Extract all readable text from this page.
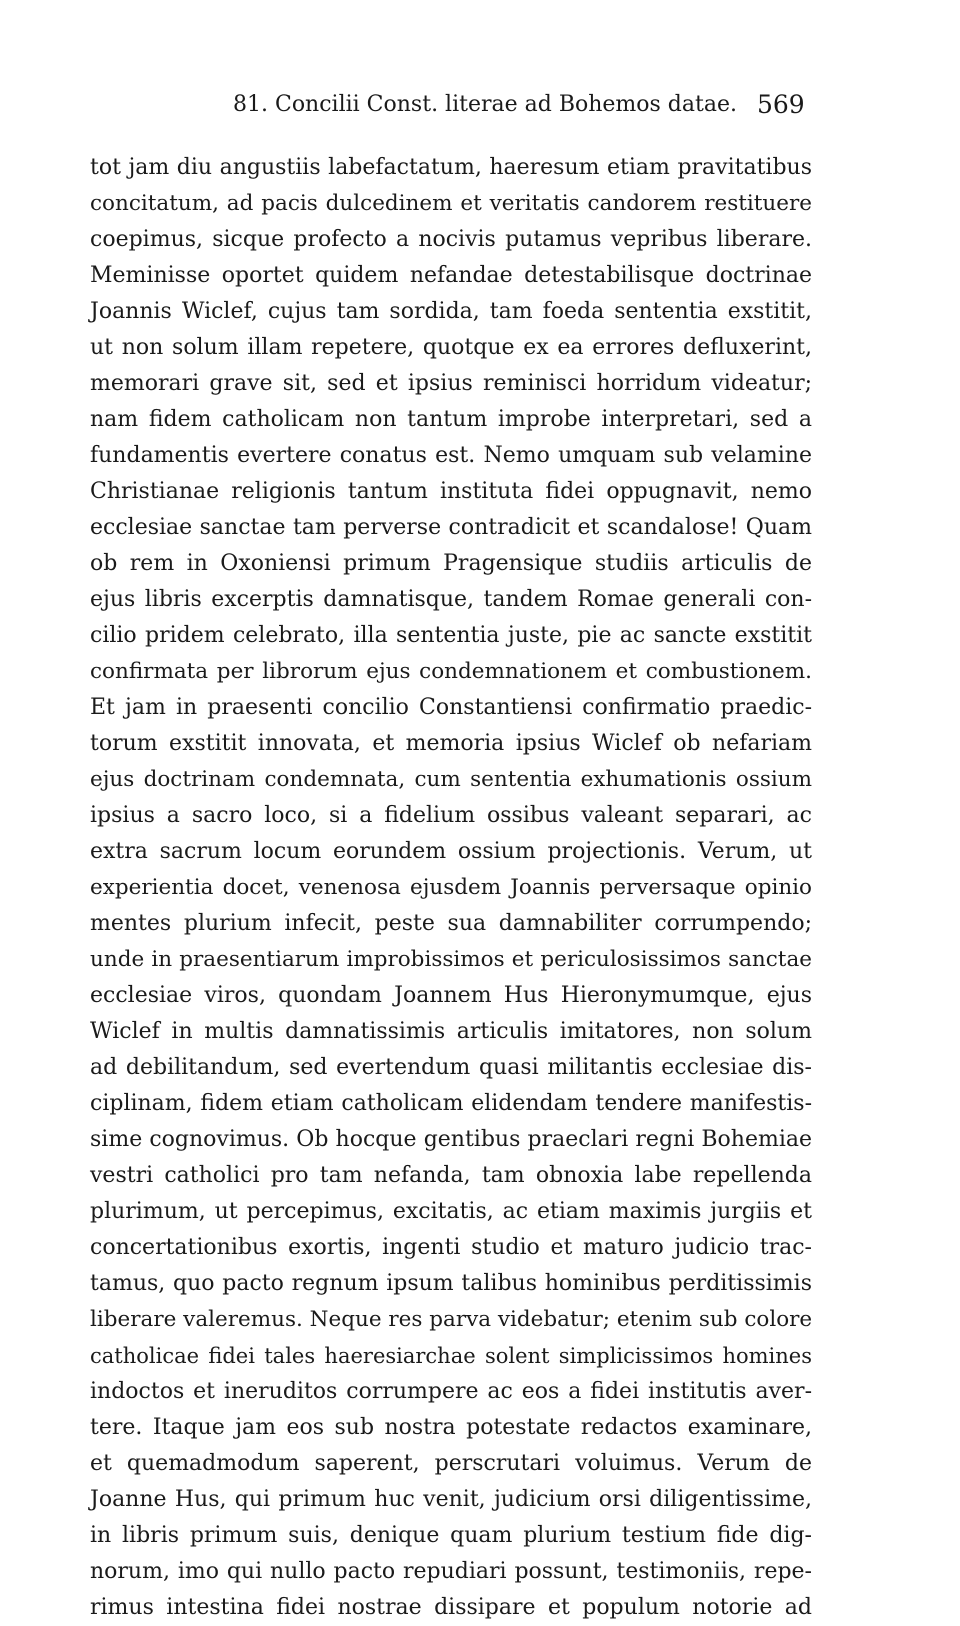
81. Concilii Const. literae ad Bohemos datae. 569
tot jam diu angustiis labefactatum, haeresum etiam pravitatibus
concitatum, ad pacis dulcedinem et veritatis candorem restituere
coepimus, sicque profecto a nocivis putamus vepribus liberare.
Meminisse oportet quidem nefandae detestabilisque doctrinae
Joannis Wiclef, cujus tam sordida, tam foeda sententia exstitit,
ut non solum illam repetere, quotque ex ea errores defluxerint,
memorari grave sit, sed et ipsius reminisci horridum videatur;
nam fidem catholicam non tantum improbe interpretari, sed a
fundamentis evertere conatus est. Nemo umquam sub velamine
Christianae religionis tantum instituta fidei oppugnavit, nemo
ecclesiae sanctae tam perverse contradicit et scandalose! Quam
ob rem in Oxoniensi primum Pragensique studiis articulis de
ejus libris excerptis damnatisque, tandem Romae generali con-
cilio pridem celebrato, illa sententia juste, pie ac sancte exstitit
confirmata per librorum ejus condemnationem et combustionem.
Et jam in praesenti concilio Constantiensi confirmatio praedic-
torum exstitit innovata, et memoria ipsius Wiclef ob nefariam
ejus doctrinam condemnata, cum sententia exhumationis ossium
ipsius a sacro loco, si a fidelium ossibus valeant separari, ac
extra sacrum locum eorundem ossium projectionis. Verum, ut
experientia docet, venenosa ejusdem Joannis perversaque opinio
mentes plurium infecit, peste sua damnabiliter corrumpendo;
unde in praesentiarum improbissimos et periculosissimos sanctae
ecclesiae viros, quondam Joannem Hus Hieronymumque, ejus
Wiclef in multis damnatissimis articulis imitatores, non solum
ad debilitandum, sed evertendum quasi militantis ecclesiae dis-
ciplinam, fidem etiam catholicam elidendam tendere manifestis-
sime cognovimus. Ob hocque gentibus praeclari regni Bohemiae
vestri catholici pro tam nefanda, tam obnoxia labe repellenda
plurimum, ut percepimus, excitatis, ac etiam maximis jurgiis et
concertationibus exortis, ingenti studio et maturo judicio trac-
tamus, quo pacto regnum ipsum talibus hominibus perditissimis
liberare valeremus. Neque res parva videbatur; etenim sub colore
catholicae fidei tales haeresiarchae solent simplicissimos homines
indoctos et ineruditos corrumpere ac eos a fidei institutis aver-
tere. Itaque jam eos sub nostra potestate redactos examinare,
et quemadmodum saperent, perscrutari voluimus. Verum de
Joanne Hus, qui primum huc venit, judicium orsi diligentissime,
in libris primum suis, denique quam plurium testium fide dig-
norum, imo qui nullo pacto repudiari possunt, testimoniis, repe-
rimus intestina fidei nostrae dissipare et populum notorie ad
